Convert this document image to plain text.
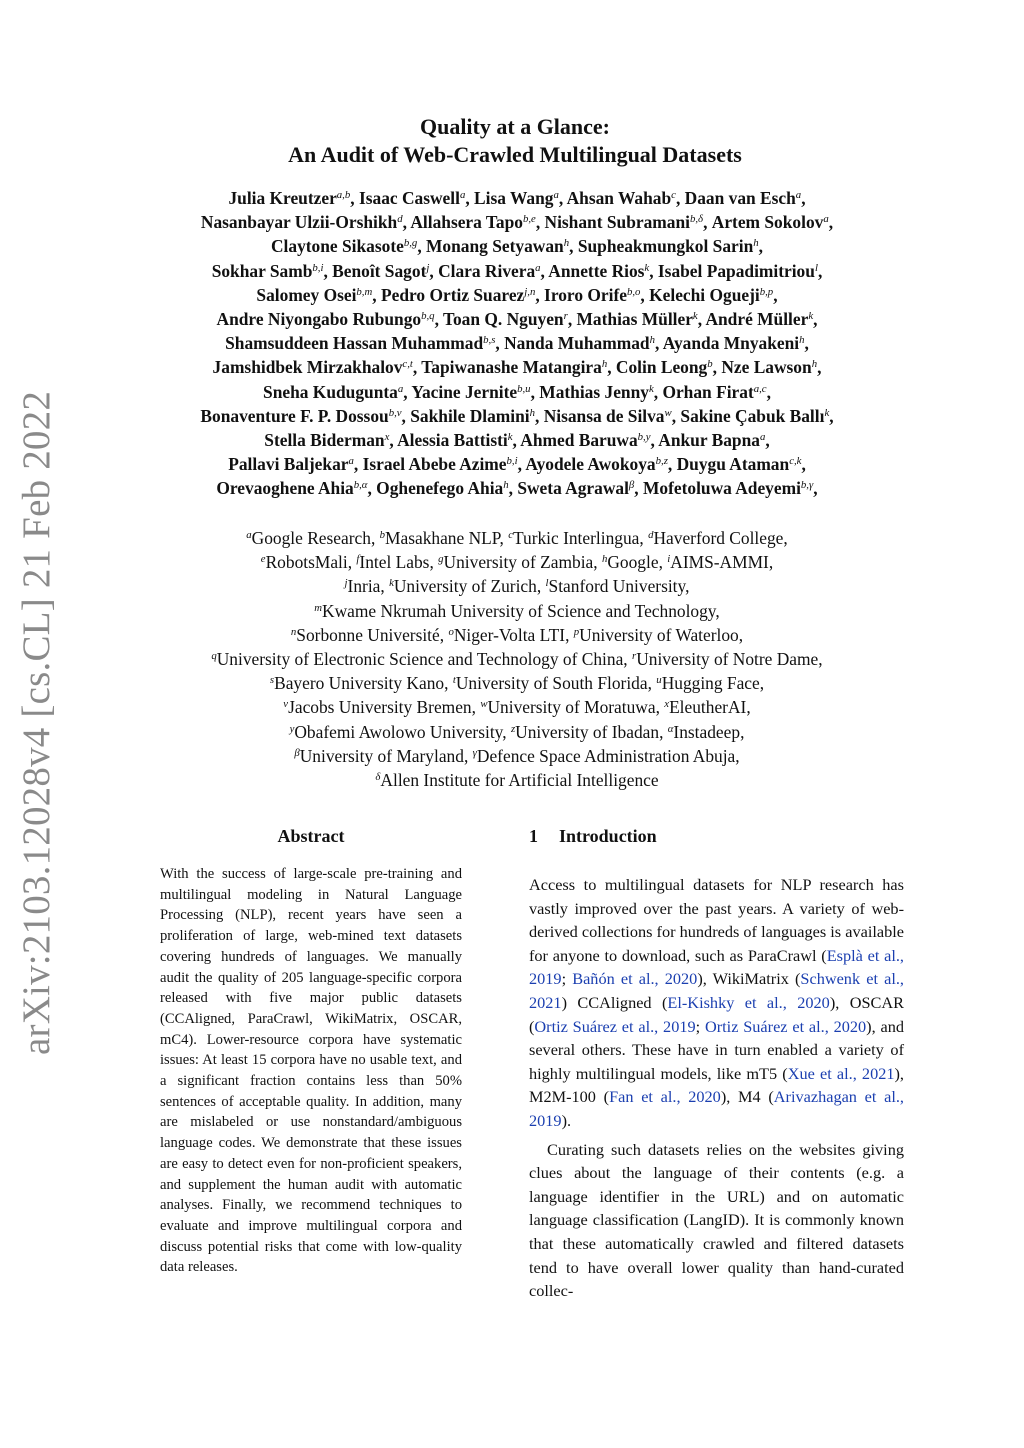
arXiv:2103.12028v4 [cs.CL] 21 Feb 2022
Quality at a Glance:
An Audit of Web-Crawled Multilingual Datasets
Julia Kreutzer$^{a,b}$, Isaac Caswell$^a$, Lisa Wang$^a$, Ahsan Wahab$^c$, Daan van Esch$^a$,
Nasanbayar Ulzii-Orshikh$^d$, Allahsera Tapo$^{b,e}$, Nishant Subramani$^{b,\delta}$, Artem Sokolov$^a$,
Claytone Sikasote$^{b,g}$, Monang Setyawan$^h$, Supheakmungkol Sarin$^h$,
Sokhar Samb$^{b,i}$, Benoît Sagot$^j$, Clara Rivera$^a$, Annette Rios$^k$, Isabel Papadimitriou$^l$,
Salomey Osei$^{b,m}$, Pedro Ortiz Suarez$^{j,n}$, Iroro Orife$^{b,o}$, Kelechi Ogueji$^{b,p}$,
Andre Niyongabo Rubungo$^{b,q}$, Toan Q. Nguyen$^r$, Mathias Müller$^k$, André Müller$^k$,
Shamsuddeen Hassan Muhammad$^{b,s}$, Nanda Muhammad$^h$, Ayanda Mnyakeni$^h$,
Jamshidbek Mirzakhalov$^{c,t}$, Tapiwanashe Matangira$^h$, Colin Leong$^b$, Nze Lawson$^h$,
Sneha Kudugunta$^a$, Yacine Jernite$^{b,u}$, Mathias Jenny$^k$, Orhan Firat$^{a,c}$,
Bonaventure F. P. Dossou$^{b,v}$, Sakhile Dlamini$^h$, Nisansa de Silva$^w$, Sakine Çabuk Ballı$^k$,
Stella Biderman$^x$, Alessia Battisti$^k$, Ahmed Baruwa$^{b,y}$, Ankur Bapna$^a$,
Pallavi Baljekar$^a$, Israel Abebe Azime$^{b,i}$, Ayodele Awokoya$^{b,z}$, Duygu Ataman$^{c,k}$,
Orevaoghene Ahia$^{b,\alpha}$, Oghenefego Ahia$^h$, Sweta Agrawal$^\beta$, Mofetoluwa Adeyemi$^{b,\gamma}$,
$^a$Google Research, $^b$Masakhane NLP, $^c$Turkic Interlingua, $^d$Haverford College,
$^e$RobotsMali, $^f$Intel Labs, $^g$University of Zambia, $^h$Google, $^i$AIMS-AMMI,
$^j$Inria, $^k$University of Zurich, $^l$Stanford University,
$^m$Kwame Nkrumah University of Science and Technology,
$^n$Sorbonne Université, $^o$Niger-Volta LTI, $^p$University of Waterloo,
$^q$University of Electronic Science and Technology of China, $^r$University of Notre Dame,
$^s$Bayero University Kano, $^t$University of South Florida, $^u$Hugging Face,
$^v$Jacobs University Bremen, $^w$University of Moratuwa, $^x$EleutherAI,
$^y$Obafemi Awolowo University, $^z$University of Ibadan, $^\alpha$Instadeep,
$^\beta$University of Maryland, $^\gamma$Defence Space Administration Abuja,
$^\delta$Allen Institute for Artificial Intelligence
Abstract
With the success of large-scale pre-training and multilingual modeling in Natural Language Processing (NLP), recent years have seen a proliferation of large, web-mined text datasets covering hundreds of languages. We manually audit the quality of 205 language-specific corpora released with five major public datasets (CCAligned, ParaCrawl, WikiMatrix, OSCAR, mC4). Lower-resource corpora have systematic issues: At least 15 corpora have no usable text, and a significant fraction contains less than 50% sentences of acceptable quality. In addition, many are mislabeled or use nonstandard/ambiguous language codes. We demonstrate that these issues are easy to detect even for non-proficient speakers, and supplement the human audit with automatic analyses. Finally, we recommend techniques to evaluate and improve multilingual corpora and discuss potential risks that come with low-quality data releases.
1 Introduction

Access to multilingual datasets for NLP research has vastly improved over the past years. A variety of web-derived collections for hundreds of languages is available for anyone to download, such as ParaCrawl (Esplà et al., 2019; Bañón et al., 2020), WikiMatrix (Schwenk et al., 2021) CCAligned (El-Kishky et al., 2020), OSCAR (Ortiz Suárez et al., 2019; Ortiz Suárez et al., 2020), and several others. These have in turn enabled a variety of highly multilingual models, like mT5 (Xue et al., 2021), M2M-100 (Fan et al., 2020), M4 (Arivazhagan et al., 2019).

Curating such datasets relies on the websites giving clues about the language of their contents (e.g. a language identifier in the URL) and on automatic language classification (LangID). It is commonly known that these automatically crawled and filtered datasets tend to have overall lower quality than hand-curated collec-
